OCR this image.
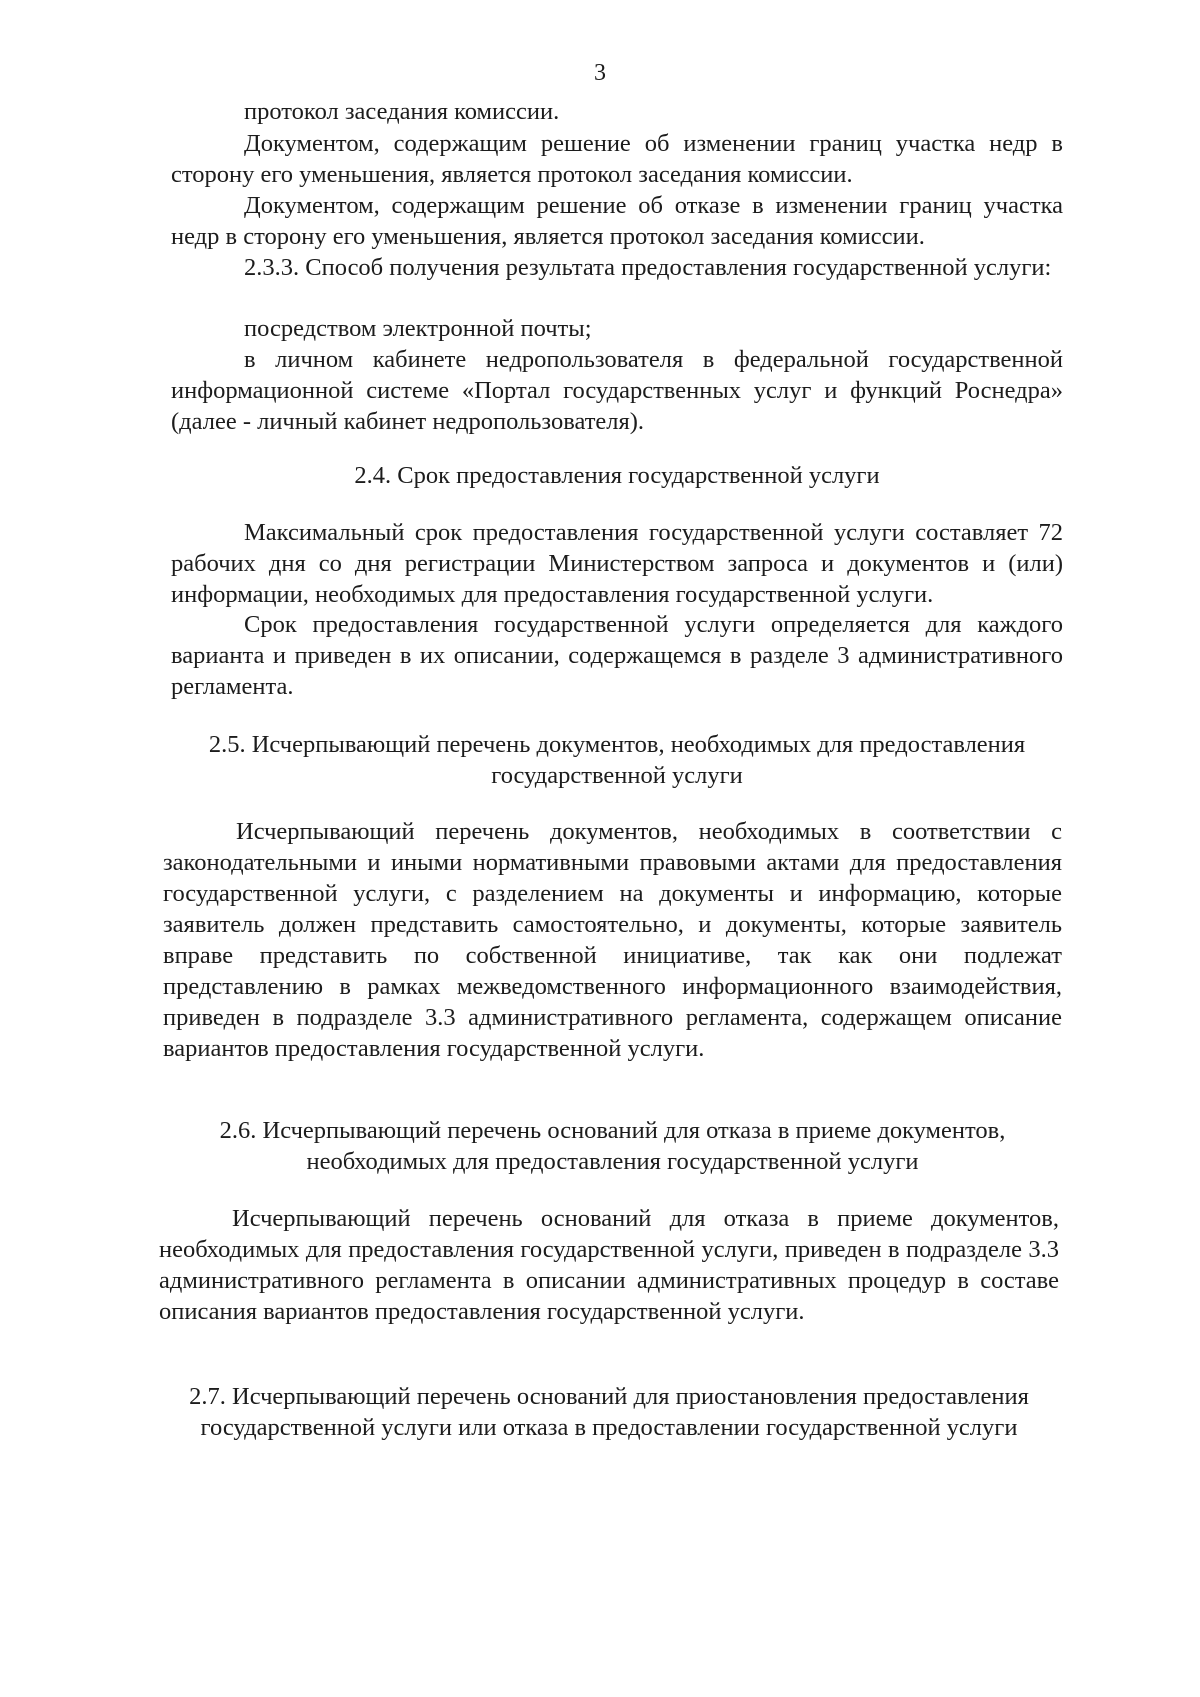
3

протокол заседания комиссии.

Документом, содержащим решение об изменении границ участка недр в сторону его уменьшения, является протокол заседания комиссии.

Документом, содержащим решение об отказе в изменении границ участка недр в сторону его уменьшения, является протокол заседания комиссии.

2.3.3. Способ получения результата предоставления государственной услуги:

посредством электронной почты;

в личном кабинете недропользователя в федеральной государственной информационной системе «Портал государственных услуг и функций Роснедра» (далее - личный кабинет недропользователя).

2.4. Срок предоставления государственной услуги

Максимальный срок предоставления государственной услуги составляет 72 рабочих дня со дня регистрации Министерством запроса и документов и (или) информации, необходимых для предоставления государственной услуги.

Срок предоставления государственной услуги определяется для каждого варианта и приведен в их описании, содержащемся в разделе 3 административного регламента.

2.5. Исчерпывающий перечень документов, необходимых для предоставления
государственной услуги

Исчерпывающий перечень документов, необходимых в соответствии с законодательными и иными нормативными правовыми актами для предоставления государственной услуги, с разделением на документы и информацию, которые заявитель должен представить самостоятельно, и документы, которые заявитель вправе представить по собственной инициативе, так как они подлежат представлению в рамках межведомственного информационного взаимодействия, приведен в подразделе 3.3 административного регламента, содержащем описание вариантов предоставления государственной услуги.

2.6. Исчерпывающий перечень оснований для отказа в приеме документов,
необходимых для предоставления государственной услуги

Исчерпывающий перечень оснований для отказа в приеме документов, необходимых для предоставления государственной услуги, приведен в подразделе 3.3 административного регламента в описании административных процедур в составе описания вариантов предоставления государственной услуги.

2.7. Исчерпывающий перечень оснований для приостановления предоставления
государственной услуги или отказа в предоставлении государственной услуги
